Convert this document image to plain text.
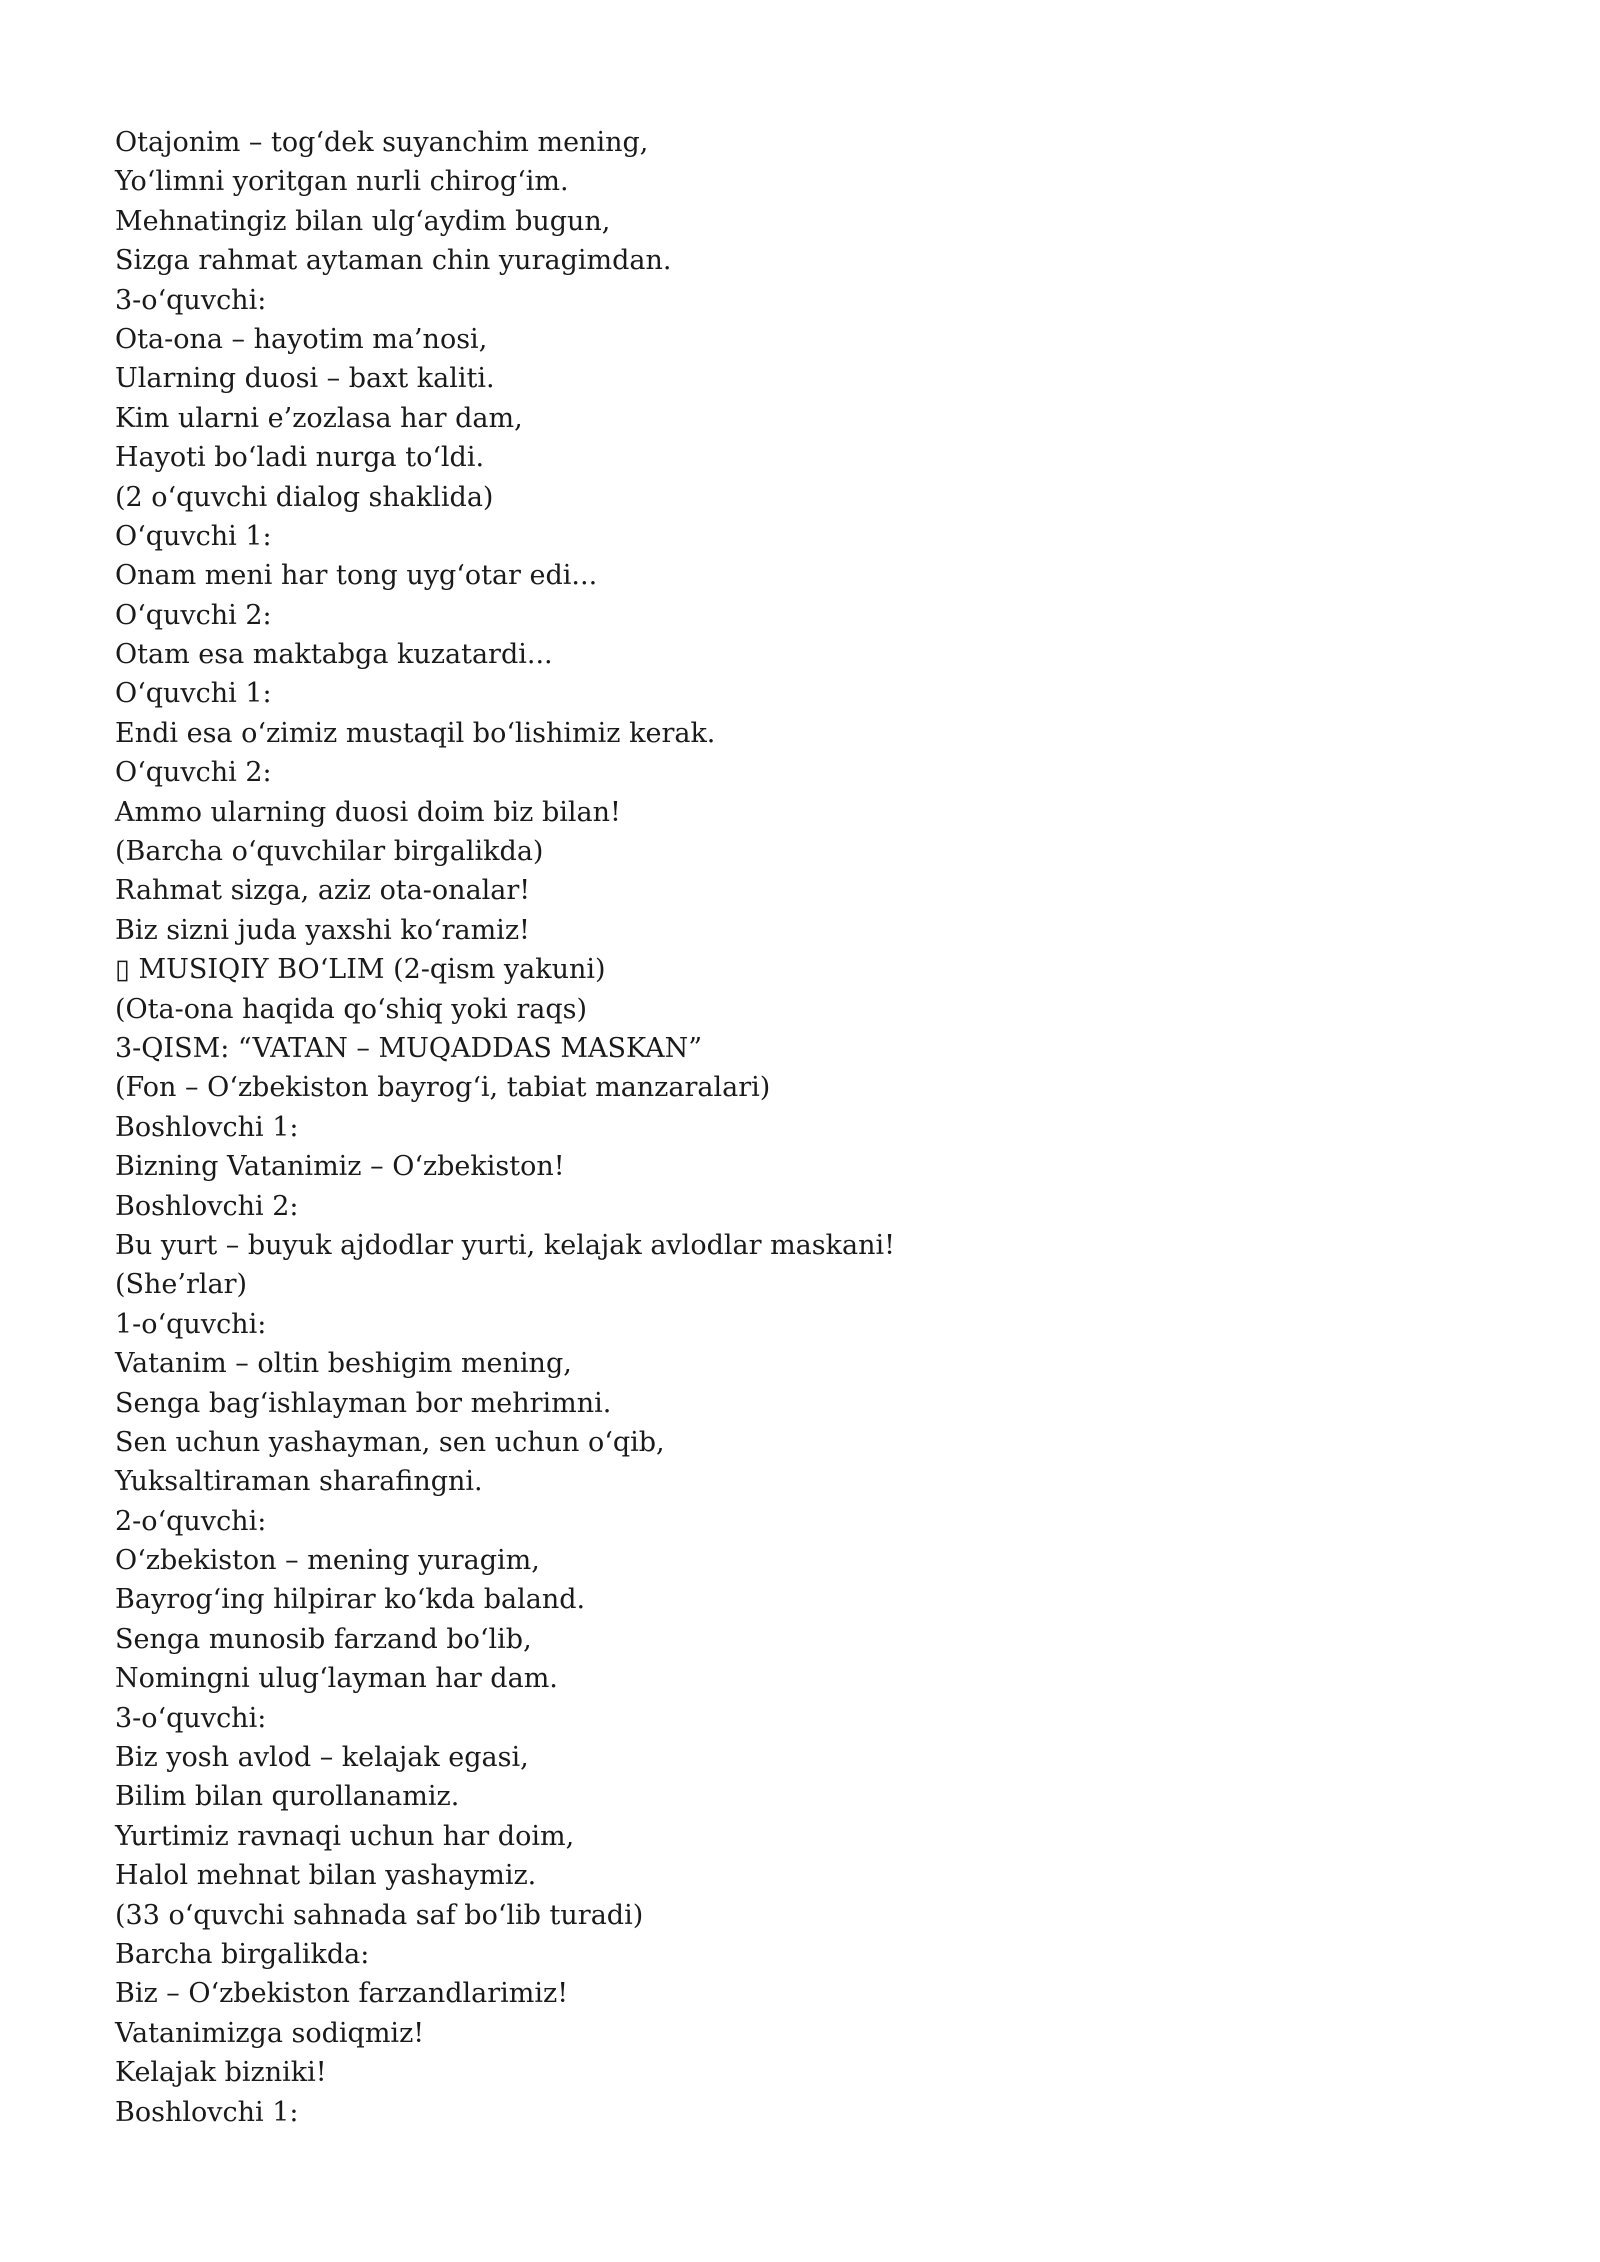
Otajonim – tog‘dek suyanchim mening,
Yo‘limni yoritgan nurli chirog‘im.
Mehnatingiz bilan ulg‘aydim bugun,
Sizga rahmat aytaman chin yuragimdan.
3-o‘quvchi:
Ota-ona – hayotim ma’nosi,
Ularning duosi – baxt kaliti.
Kim ularni e’zozlasa har dam,
Hayoti bo‘ladi nurga to‘ldi.
(2 o‘quvchi dialog shaklida)
O‘quvchi 1:
Onam meni har tong uyg‘otar edi...
O‘quvchi 2:
Otam esa maktabga kuzatardi...
O‘quvchi 1:
Endi esa o‘zimiz mustaqil bo‘lishimiz kerak.
O‘quvchi 2:
Ammo ularning duosi doim biz bilan!
(Barcha o‘quvchilar birgalikda)
Rahmat sizga, aziz ota-onalar!
Biz sizni juda yaxshi ko‘ramiz!
▯ MUSIQIY BO‘LIM (2-qism yakuni)
(Ota-ona haqida qo‘shiq yoki raqs)
3-QISM: “VATAN – MUQADDAS MASKAN”
(Fon – O‘zbekiston bayrog‘i, tabiat manzaralari)
Boshlovchi 1:
Bizning Vatanimiz – O‘zbekiston!
Boshlovchi 2:
Bu yurt – buyuk ajdodlar yurti, kelajak avlodlar maskani!
(She’rlar)
1-o‘quvchi:
Vatanim – oltin beshigim mening,
Senga bag‘ishlayman bor mehrimni.
Sen uchun yashayman, sen uchun o‘qib,
Yuksaltiraman sharafingni.
2-o‘quvchi:
O‘zbekiston – mening yuragim,
Bayrog‘ing hilpirar ko‘kda baland.
Senga munosib farzand bo‘lib,
Nomingni ulug‘layman har dam.
3-o‘quvchi:
Biz yosh avlod – kelajak egasi,
Bilim bilan qurollanamiz.
Yurtimiz ravnaqi uchun har doim,
Halol mehnat bilan yashaymiz.
(33 o‘quvchi sahnada saf bo‘lib turadi)
Barcha birgalikda:
Biz – O‘zbekiston farzandlarimiz!
Vatanimizga sodiqmiz!
Kelajak bizniki!
Boshlovchi 1:
